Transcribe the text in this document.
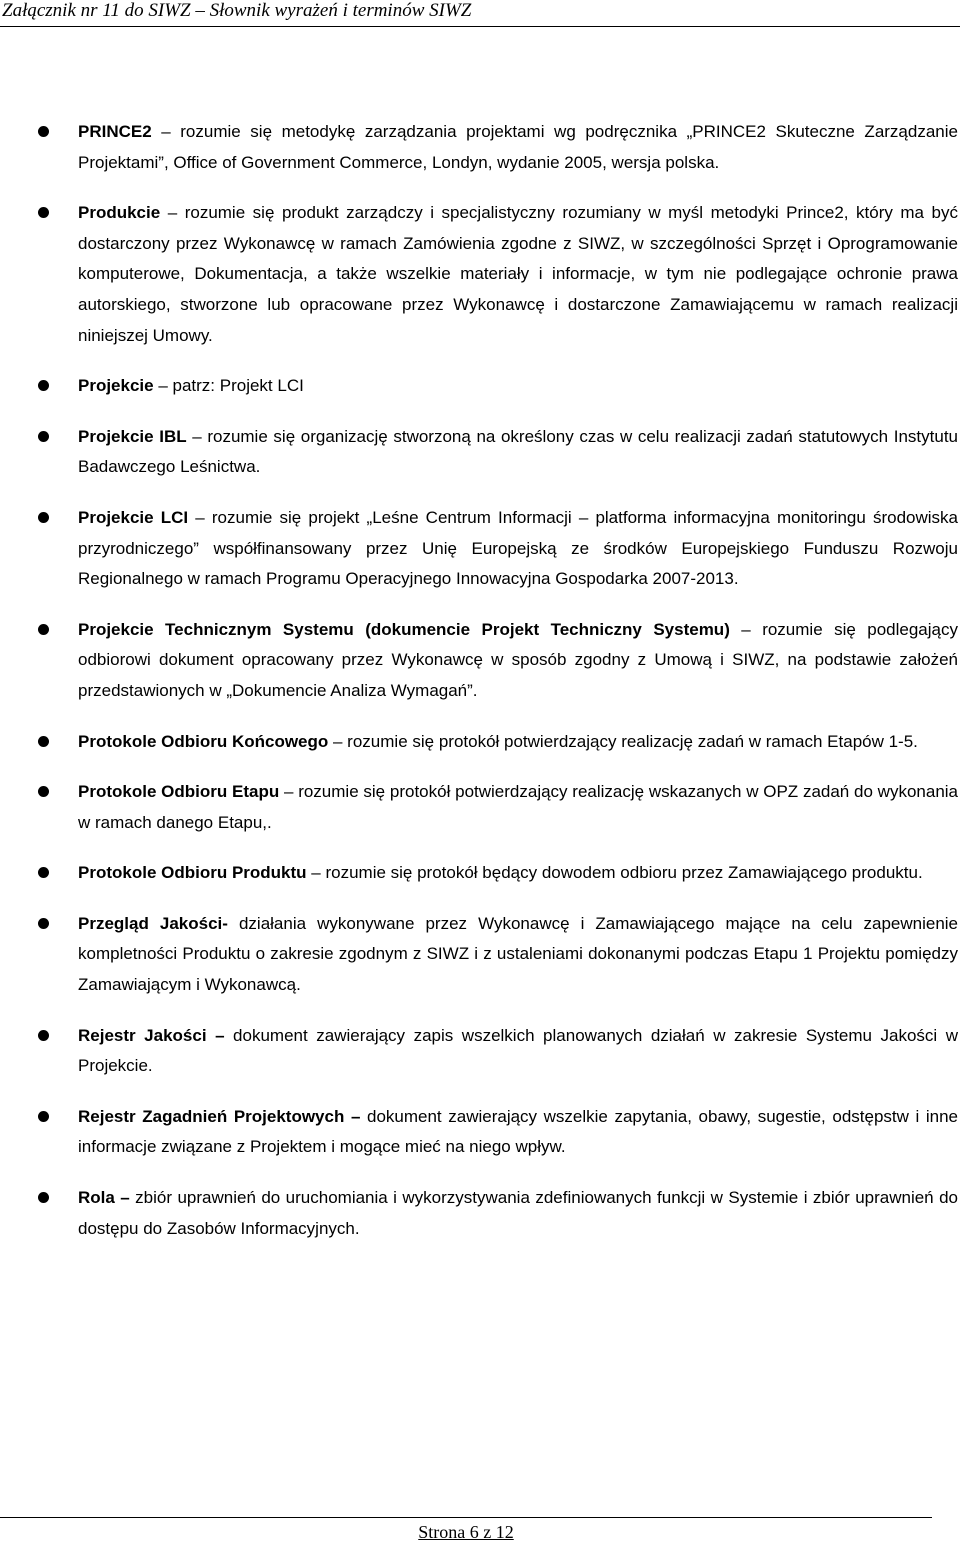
Załącznik nr 11 do SIWZ – Słownik wyrażeń i terminów SIWZ
PRINCE2 – rozumie się metodykę zarządzania projektami wg podręcznika „PRINCE2 Skuteczne Zarządzanie Projektami”, Office of Government Commerce, Londyn, wydanie 2005, wersja polska.
Produkcie – rozumie się produkt zarządczy i specjalistyczny rozumiany w myśl metodyki Prince2, który ma być dostarczony przez Wykonawcę w ramach Zamówienia zgodne z SIWZ, w szczególności Sprzęt i Oprogramowanie komputerowe, Dokumentacja, a także wszelkie materiały i informacje, w tym nie podlegające ochronie prawa autorskiego, stworzone lub opracowane przez Wykonawcę i dostarczone Zamawiającemu w ramach realizacji niniejszej Umowy.
Projekcie – patrz: Projekt LCI
Projekcie IBL – rozumie się organizację stworzoną na określony czas w celu realizacji zadań statutowych Instytutu Badawczego Leśnictwa.
Projekcie LCI – rozumie się projekt „Leśne Centrum Informacji – platforma informacyjna monitoringu środowiska przyrodniczego” współfinansowany przez Unię Europejską ze środków Europejskiego Funduszu Rozwoju Regionalnego w ramach Programu Operacyjnego Innowacyjna Gospodarka 2007-2013.
Projekcie Technicznym Systemu (dokumencie Projekt Techniczny Systemu) – rozumie się podlegający odbiorowi dokument opracowany przez Wykonawcę w sposób zgodny z Umową i SIWZ, na podstawie założeń przedstawionych w „Dokumencie Analiza Wymagań”.
Protokole Odbioru Końcowego – rozumie się protokół potwierdzający realizację zadań w ramach Etapów 1-5.
Protokole Odbioru Etapu – rozumie się protokół potwierdzający realizację wskazanych w OPZ zadań do wykonania w ramach danego Etapu,.
Protokole Odbioru Produktu – rozumie się protokół będący dowodem odbioru przez Zamawiającego produktu.
Przegląd Jakości- działania wykonywane przez Wykonawcę i Zamawiającego mające na celu zapewnienie kompletności Produktu o zakresie zgodnym z SIWZ i z ustaleniami dokonanymi podczas Etapu 1 Projektu pomiędzy Zamawiającym i Wykonawcą.
Rejestr Jakości – dokument zawierający zapis wszelkich planowanych działań w zakresie Systemu Jakości w Projekcie.
Rejestr Zagadnień Projektowych – dokument zawierający wszelkie zapytania, obawy, sugestie, odstępstw i inne informacje związane z Projektem i mogące mieć na niego wpływ.
Rola – zbiór uprawnień do uruchomiania i wykorzystywania zdefiniowanych funkcji w Systemie i zbiór uprawnień do dostępu do Zasobów Informacyjnych.
Strona 6 z 12
